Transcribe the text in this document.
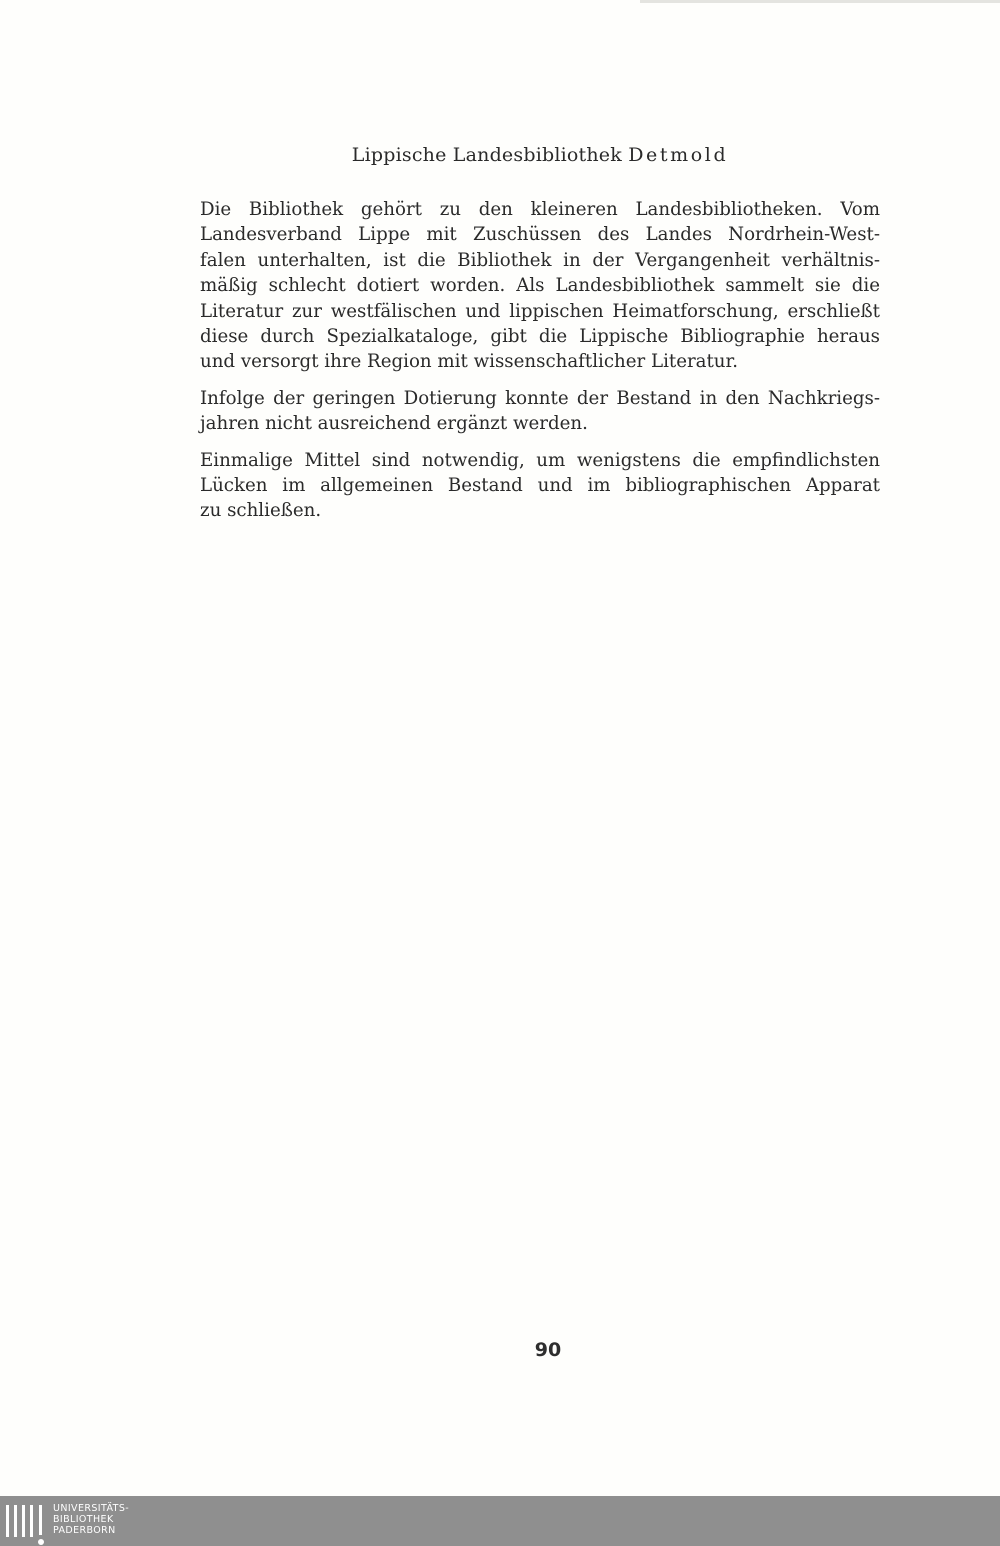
Lippische Landesbibliothek Detmold
Die Bibliothek gehört zu den kleineren Landesbibliotheken. Vom
Landesverband Lippe mit Zuschüssen des Landes Nordrhein-West-
falen unterhalten, ist die Bibliothek in der Vergangenheit verhältnis-
mäßig schlecht dotiert worden. Als Landesbibliothek sammelt sie die
Literatur zur westfälischen und lippischen Heimatforschung, erschließt
diese durch Spezialkataloge, gibt die Lippische Bibliographie heraus
und versorgt ihre Region mit wissenschaftlicher Literatur.
Infolge der geringen Dotierung konnte der Bestand in den Nachkriegs-
jahren nicht ausreichend ergänzt werden.
Einmalige Mittel sind notwendig, um wenigstens die empfindlichsten
Lücken im allgemeinen Bestand und im bibliographischen Apparat
zu schließen.
90
UNIVERSITÄTS-
BIBLIOTHEK
PADERBORN
